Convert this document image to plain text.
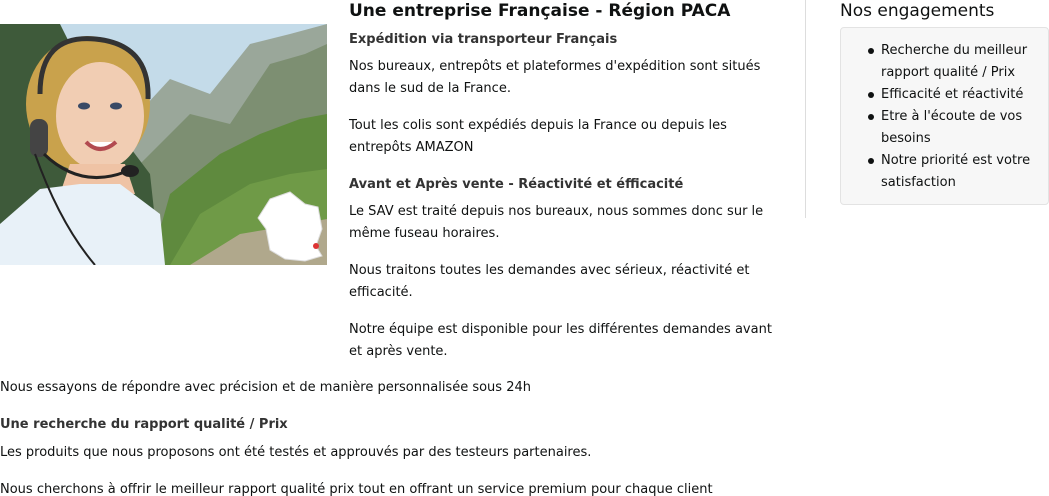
Une entreprise Française - Région PACA
Expédition via transporteur Français
Nos bureaux, entrepôts et plateformes d'expédition sont situés dans le sud de la France.
Tout les colis sont expédiés depuis la France ou depuis les entrepôts AMAZON
Avant et Après vente - Réactivité et éfficacité
Le SAV est traité depuis nos bureaux, nous sommes donc sur le même fuseau horaires.
Nous traitons toutes les demandes avec sérieux, réactivité et efficacité.
Notre équipe est disponible pour les différentes demandes avant et après vente.
Nous essayons de répondre avec précision et de manière personnalisée sous 24h
Une recherche du rapport qualité / Prix
Les produits que nous proposons ont été testés et approuvés par des testeurs partenaires.
Nous cherchons à offrir le meilleur rapport qualité prix tout en offrant un service premium pour chaque client
Nos engagements
Recherche du meilleur rapport qualité / Prix
Efficacité et réactivité
Etre à l'écoute de vos besoins
Notre priorité est votre satisfaction
